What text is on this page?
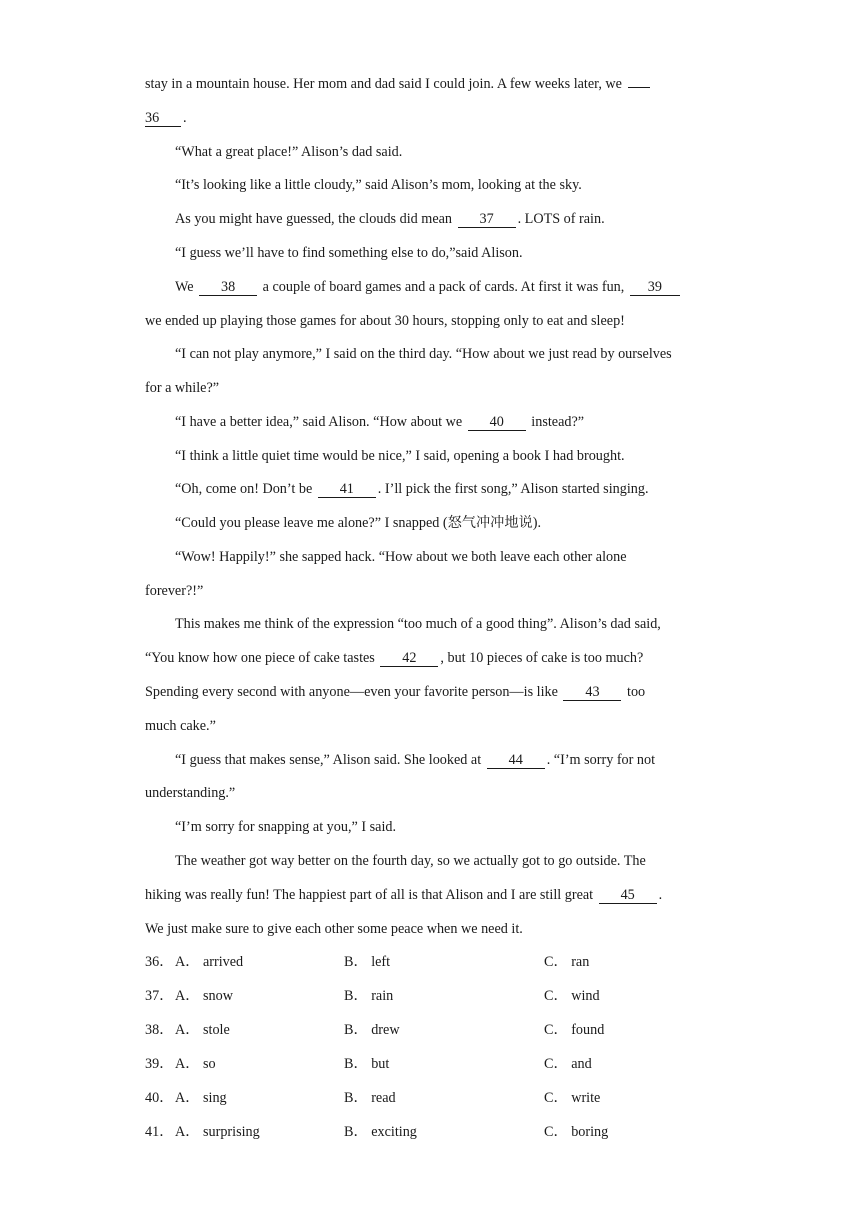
stay in a mountain house. Her mom and dad said I could join. A few weeks later, we
36 .
“What a great place!” Alison’s dad said.
“It’s looking like a little cloudy,” said Alison’s mom, looking at the sky.
As you might have guessed, the clouds did mean 37 . LOTS of rain.
“I guess we’ll have to find something else to do,”said Alison.
We 38 a couple of board games and a pack of cards. At first it was fun, 39
we ended up playing those games for about 30 hours, stopping only to eat and sleep!
“I can not play anymore,” I said on the third day. “How about we just read by ourselves
for a while?”
“I have a better idea,” said Alison. “How about we 40 instead?”
“I think a little quiet time would be nice,” I said, opening a book I had brought.
“Oh, come on! Don’t be 41 . I’ll pick the first song,” Alison started singing.
“Could you please leave me alone?” I snapped (怒气冲冲地说).
“Wow! Happily!” she sapped hack. “How about we both leave each other alone
forever?!”
This makes me think of the expression “too much of a good thing”. Alison’s dad said,
“You know how one piece of cake tastes 42 , but 10 pieces of cake is too much?
Spending every second with anyone—even your favorite person—is like 43 too
much cake.”
“I guess that makes sense,” Alison said. She looked at 44 . “I’m sorry for not
understanding.”
“I’m sorry for snapping at you,” I said.
The weather got way better on the fourth day, so we actually got to go outside. The
hiking was really fun! The happiest part of all is that Alison and I are still great 45 .
We just make sure to give each other some peace when we need it.
36． A． arrived	B． left	C． ran
37． A． snow	B． rain	C． wind
38． A． stole	B． drew	C． found
39． A． so	B． but	C． and
40． A． sing	B． read	C． write
41． A． surprising	B． exciting	C． boring
